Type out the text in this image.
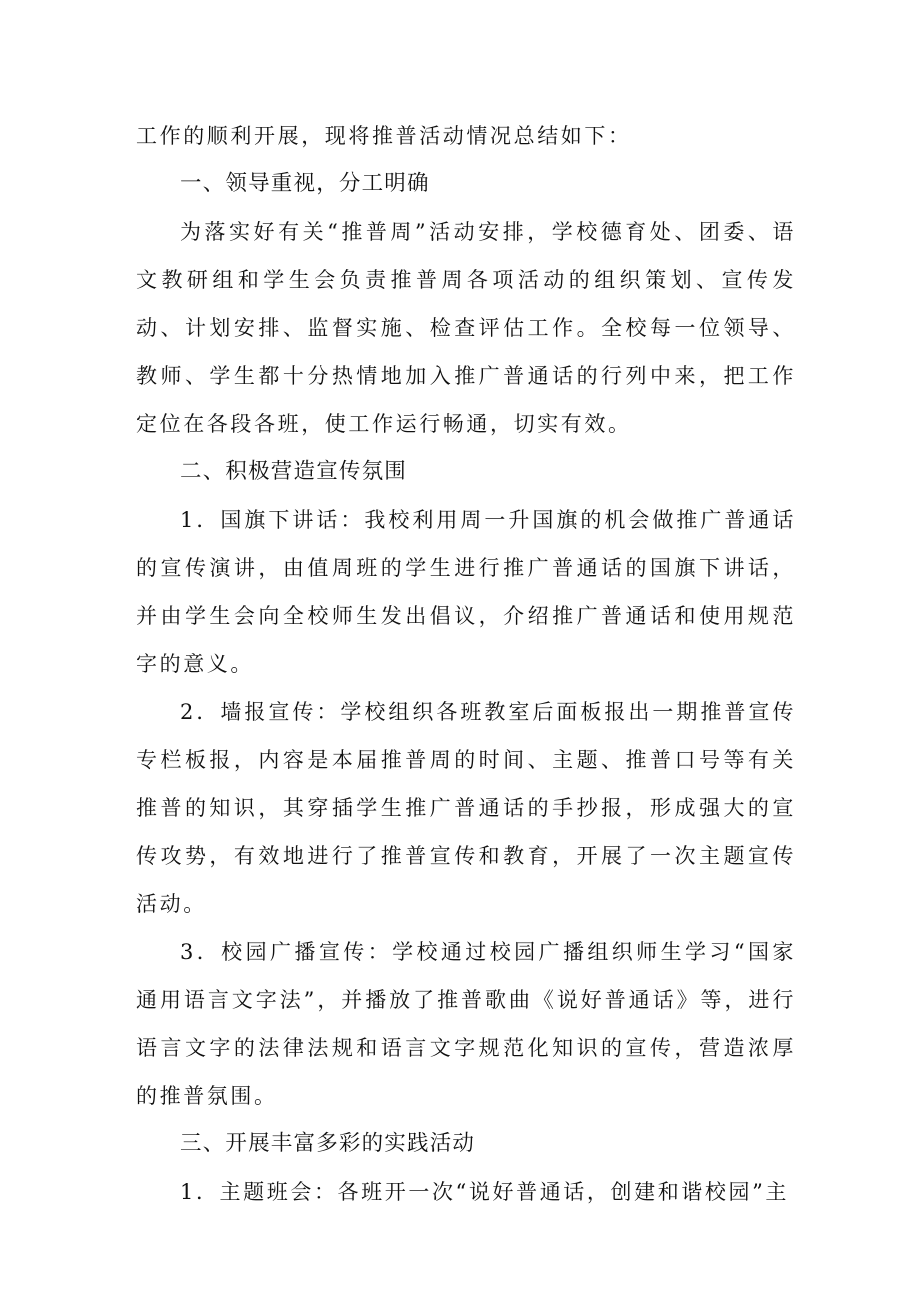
工作的顺利开展，现将推普活动情况总结如下：

一、领导重视，分工明确

为落实好有关“推普周”活动安排，学校德育处、团委、语文教研组和学生会负责推普周各项活动的组织策划、宣传发动、计划安排、监督实施、检查评估工作。全校每一位领导、教师、学生都十分热情地加入推广普通话的行列中来，把工作定位在各段各班，使工作运行畅通，切实有效。

二、积极营造宣传氛围

1．国旗下讲话：我校利用周一升国旗的机会做推广普通话的宣传演讲，由值周班的学生进行推广普通话的国旗下讲话，并由学生会向全校师生发出倡议，介绍推广普通话和使用规范字的意义。

2．墙报宣传：学校组织各班教室后面板报出一期推普宣传专栏板报，内容是本届推普周的时间、主题、推普口号等有关推普的知识，其穿插学生推广普通话的手抄报，形成强大的宣传攻势，有效地进行了推普宣传和教育，开展了一次主题宣传活动。

3．校园广播宣传：学校通过校园广播组织师生学习“国家通用语言文字法”，并播放了推普歌曲《说好普通话》等，进行语言文字的法律法规和语言文字规范化知识的宣传，营造浓厚的推普氛围。

三、开展丰富多彩的实践活动

1．主题班会：各班开一次“说好普通话，创建和谐校园”主
